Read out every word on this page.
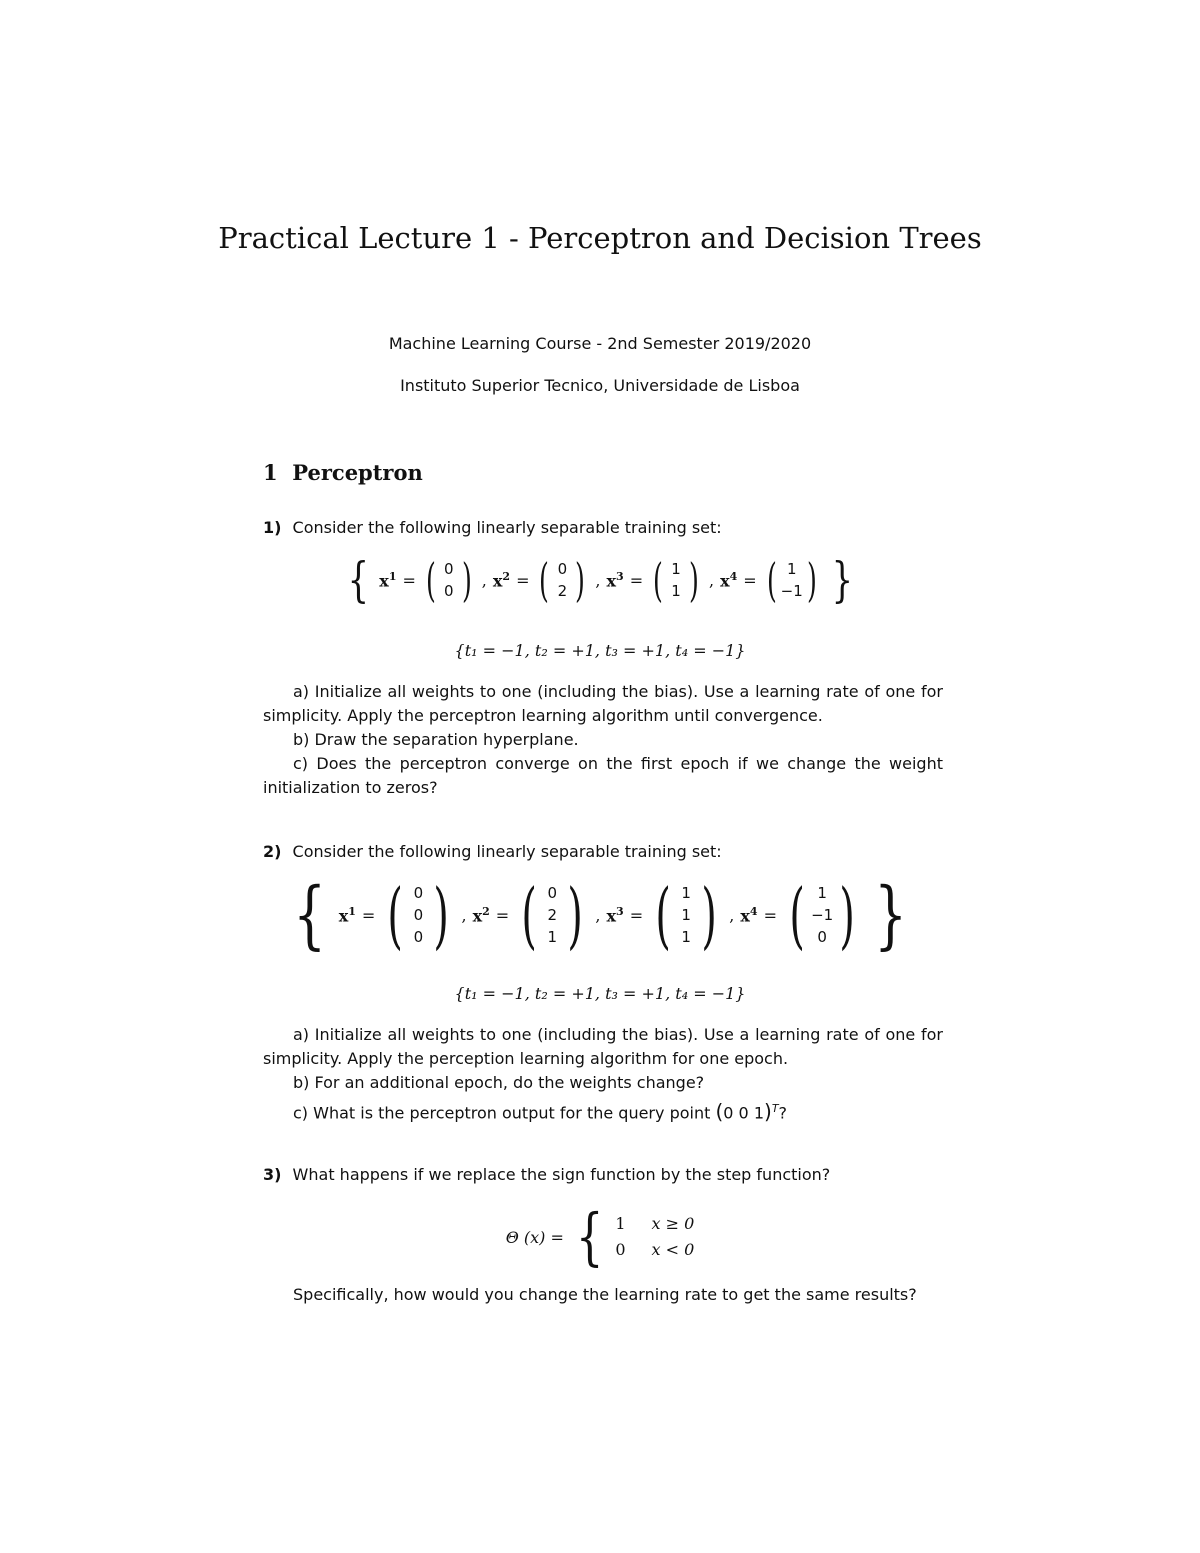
Practical Lecture 1 - Perceptron and Decision Trees
Machine Learning Course - 2nd Semester 2019/2020
Instituto Superior Tecnico, Universidade de Lisboa
1 Perceptron
1) Consider the following linearly separable training set:
{ $x^1$ = ( 0
0 ) , $x^2$ = ( 0
2 ) , $x^3$ = ( 1
1 ) , $x^4$ = ( 1
−1 ) }
{t₁ = −1, t₂ = +1, t₃ = +1, t₄ = −1}
a) Initialize all weights to one (including the bias). Use a learning rate of one for simplicity. Apply the perceptron learning algorithm until convergence.
b) Draw the separation hyperplane.
c) Does the perceptron converge on the first epoch if we change the weight initialization to zeros?
2) Consider the following linearly separable training set:
{ $x^1$ = ( 0
0
0 ) , $x^2$ = ( 0
2
1 ) , $x^3$ = ( 1
1
1 ) , $x^4$ = ( 1
−1
0 ) }
{t₁ = −1, t₂ = +1, t₃ = +1, t₄ = −1}
a) Initialize all weights to one (including the bias). Use a learning rate of one for simplicity. Apply the perception learning algorithm for one epoch.
b) For an additional epoch, do the weights change?
c) What is the perceptron output for the query point (0 0 1)$^T$?
3) What happens if we replace the sign function by the step function?
Θ (x) = { 1 x ≥ 0
0 x < 0
Specifically, how would you change the learning rate to get the same results?
